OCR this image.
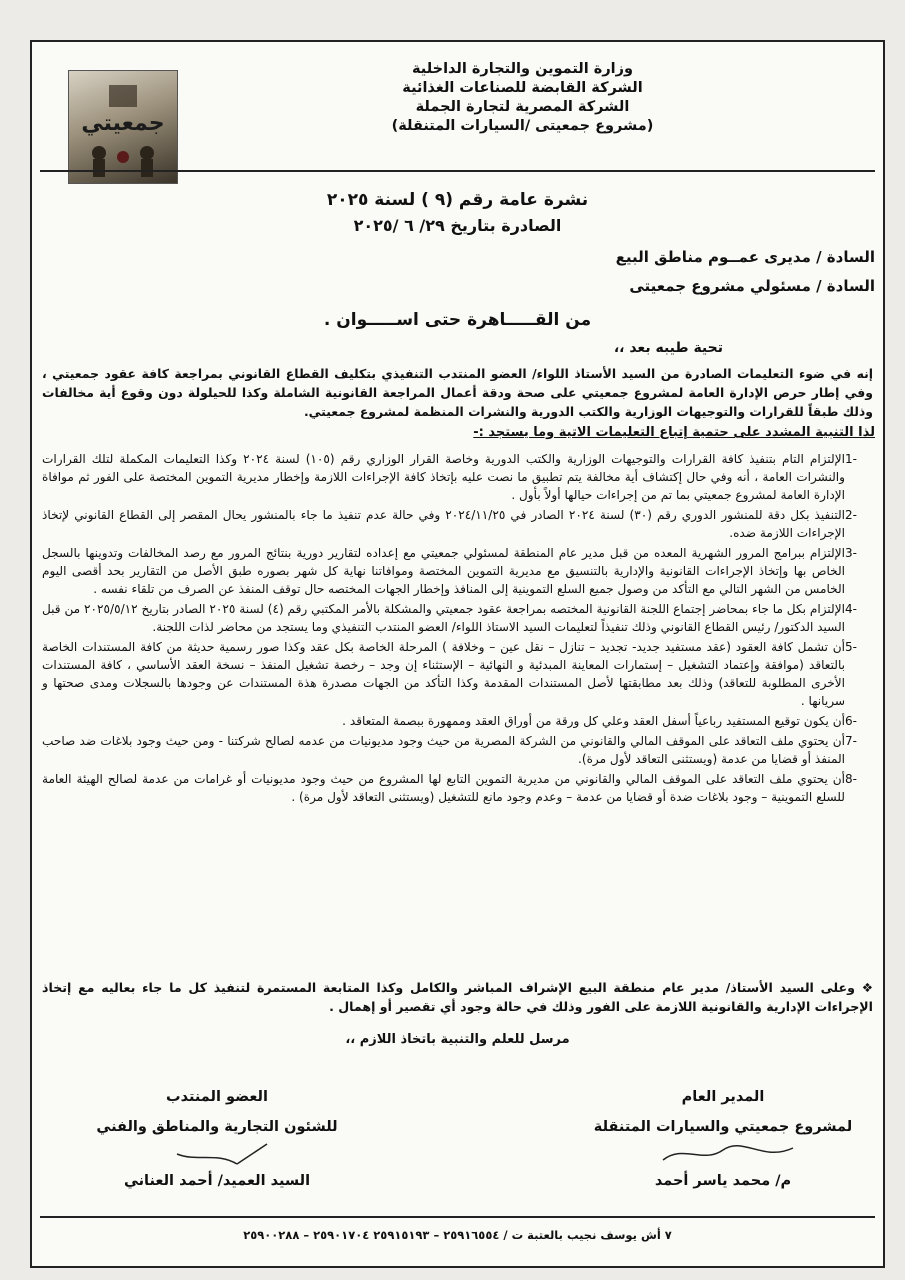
جمعيتي
وزارة التموين والتجارة الداخلية
الشركة القابضة للصناعات الغذائية
الشركة المصرية لتجارة الجملة
(مشروع جمعيتى /السيارات المتنقلة)
نشرة عامة رقم (٩ ) لسنة ٢٠٢٥
الصادرة بتاريخ ٢٩/ ٦ /٢٠٢٥
السادة / مديرى عمــوم مناطق البيع
السادة / مسئولي مشروع جمعيتى
من القـــــاهرة حتى اســـــوان .
تحية طيبه بعد ،،
إنه في ضوء التعليمات الصادرة من السيد الأستاذ اللواء/ العضو المنتدب التنفيذي بتكليف القطاع القانوني بمراجعة كافة عقود جمعيتي ، وفي إطار حرص الإدارة العامة لمشروع جمعيتي على صحة ودقة أعمال المراجعة القانونية الشاملة وكذا للحيلولة دون وقوع أية مخالفات وذلك طبقاً للقرارات والتوجيهات الوزارية والكتب الدورية والنشرات المنظمة لمشروع جمعيتي.
لذا التنبية المشدد على حتمية إتباع التعليمات الاتية وما يستجد :-
-1
الإلتزام التام بتنفيذ كافة القرارات والتوجيهات الوزارية والكتب الدورية وخاصة القرار الوزاري رقم (١٠٥) لسنة ٢٠٢٤ وكذا التعليمات المكملة لتلك القرارات والنشرات العامة ، أنه وفي حال إكتشاف أية مخالفة يتم تطبيق ما نصت عليه بإتخاذ كافة الإجراءات اللازمة وإخطار مديرية التموين المختصة على الفور ثم موافاة الإدارة العامة لمشروع جمعيتي بما تم من إجراءات حيالها أولاً بأول .
-2
التنفيذ بكل دقة للمنشور الدوري رقم (٣٠) لسنة ٢٠٢٤ الصادر في ٢٠٢٤/١١/٢٥ وفي حالة عدم تنفيذ ما جاء بالمنشور يحال المقصر إلى القطاع القانوني لإتخاذ الإجراءات اللازمة ضده.
-3
الإلتزام ببرامج المرور الشهرية المعده من قبل مدير عام المنطقة لمسئولي جمعيتي مع إعداده لتقارير دورية بنتائج المرور مع رصد المخالفات وتدوينها بالسجل الخاص بها وإتخاذ الإجراءات القانونية والإدارية بالتنسيق مع مديرية التموين المختصة وموافاتنا نهاية كل شهر بصوره طبق الأصل من التقارير بحد أقصى اليوم الخامس من الشهر التالي مع التأكد من وصول جميع السلع التموينية إلى المنافذ وإخطار الجهات المختصه حال توقف المنفذ عن الصرف من تلقاء نفسه .
-4
الإلتزام بكل ما جاء بمحاضر إجتماع اللجنة القانونية المختصه بمراجعة عقود جمعيتي والمشكلة بالأمر المكتبي رقم (٤) لسنة ٢٠٢٥ الصادر بتاريخ ٢٠٢٥/٥/١٢ من قبل السيد الدكتور/ رئيس القطاع القانوني وذلك تنفيذاً لتعليمات السيد الاستاذ اللواء/ العضو المنتدب التنفيذي وما يستجد من محاضر لذات اللجنة.
-5
أن تشمل كافة العقود (عقد مستفيد جديد- تجديد – تنازل – نقل عين – وخلافة ) المرحلة الخاصة بكل عقد وكذا صور رسمية حديثة من كافة المستندات الخاصة بالتعاقد (موافقة وإعتماد التشغيل – إستمارات المعاينة المبدئية و النهائية – الإستثناء إن وجد – رخصة تشغيل المنفذ – نسخة العقد الأساسي ، كافة المستندات الأخرى المطلوبة للتعاقد) وذلك بعد مطابقتها لأصل المستندات المقدمة وكذا التأكد من الجهات مصدرة هذة المستندات عن وجودها بالسجلات ومدى صحتها و سريانها .
-6
أن يكون توقيع المستفيد رباعياً أسفل العقد وعلي كل ورقة من أوراق العقد وممهورة ببصمة المتعاقد .
-7
أن يحتوي ملف التعاقد على الموقف المالي والقانوني من الشركة المصرية من حيث وجود مديونيات من عدمه لصالح شركتنا - ومن حيث وجود بلاغات ضد صاحب المنفذ أو قضايا من عدمة (ويستثنى التعاقد لأول مرة).
-8
أن يحتوي ملف التعاقد على الموقف المالي والقانوني من مديرية التموين التابع لها المشروع من حيث وجود مديونيات أو غرامات من عدمة لصالح الهيئة العامة للسلع التموينية – وجود بلاغات ضدة أو قضايا من عدمة – وعدم وجود مانع للتشغيل (ويستثنى التعاقد لأول مرة) .
❖ وعلى السيد الأستاذ/ مدير عام منطقة البيع الإشراف المباشر والكامل وكذا المتابعة المستمرة لتنفيذ كل ما جاء بعاليه مع إتخاذ الإجراءات الإدارية والقانونية اللازمة على الفور وذلك في حالة وجود أي تقصير أو إهمال .
مرسل للعلم والتنبية باتخاذ اللازم ،،
المدير العام
لمشروع جمعيتي والسيارات المتنقلة
م/ محمد ياسر أحمد
العضو المنتدب
للشئون التجارية والمناطق والفني
السيد العميد/ أحمد العناني
٧ أش يوسف نجيب بالعتبة ت / ٢٥٩١٦٥٥٤ – ٢٥٩١٥١٩٣ ٢٥٩٠١٧٠٤ – ٢٥٩٠٠٢٨٨
